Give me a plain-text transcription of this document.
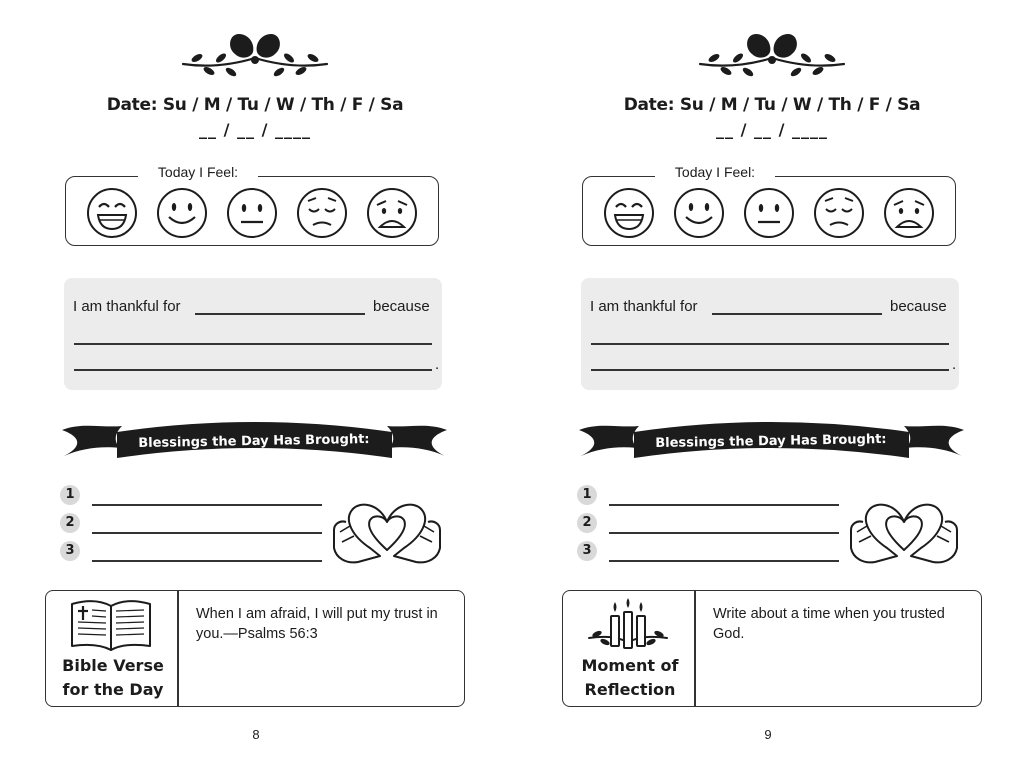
Date: Su / M / Tu / W / Th / F / Sa
__ / __ / ____
Today I Feel:
I am thankful for	because
.
Blessings the Day Has Brought:
1
2
3
Bible Verse
for the Day
When I am afraid, I will put my trust in you.—Psalms 56:3
8
Date: Su / M / Tu / W / Th / F / Sa
__ / __ / ____
Today I Feel:
I am thankful for	because
.
Blessings the Day Has Brought:
1
2
3
Moment of
Reflection
Write about a time when you trusted God.
9
